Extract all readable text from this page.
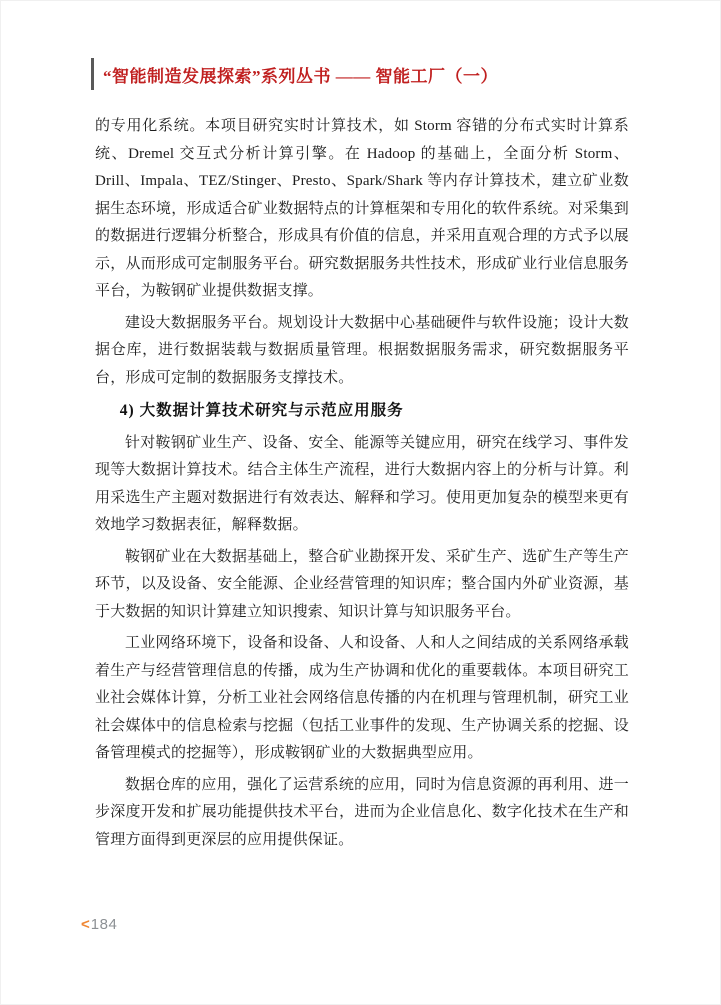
“智能制造发展探索”系列丛书 —— 智能工厂（一）

的专用化系统。本项目研究实时计算技术，如 Storm 容错的分布式实时计算系统、Dremel 交互式分析计算引擎。在 Hadoop 的基础上，全面分析 Storm、Drill、Impala、TEZ/Stinger、Presto、Spark/Shark 等内存计算技术，建立矿业数据生态环境，形成适合矿业数据特点的计算框架和专用化的软件系统。对采集到的数据进行逻辑分析整合，形成具有价值的信息，并采用直观合理的方式予以展示，从而形成可定制服务平台。研究数据服务共性技术，形成矿业行业信息服务平台，为鞍钢矿业提供数据支撑。

建设大数据服务平台。规划设计大数据中心基础硬件与软件设施；设计大数据仓库，进行数据装载与数据质量管理。根据数据服务需求，研究数据服务平台，形成可定制的数据服务支撑技术。

4) 大数据计算技术研究与示范应用服务

针对鞍钢矿业生产、设备、安全、能源等关键应用，研究在线学习、事件发现等大数据计算技术。结合主体生产流程，进行大数据内容上的分析与计算。利用采选生产主题对数据进行有效表达、解释和学习。使用更加复杂的模型来更有效地学习数据表征，解释数据。

鞍钢矿业在大数据基础上，整合矿业勘探开发、采矿生产、选矿生产等生产环节，以及设备、安全能源、企业经营管理的知识库；整合国内外矿业资源，基于大数据的知识计算建立知识搜索、知识计算与知识服务平台。

工业网络环境下，设备和设备、人和设备、人和人之间结成的关系网络承载着生产与经营管理信息的传播，成为生产协调和优化的重要载体。本项目研究工业社会媒体计算，分析工业社会网络信息传播的内在机理与管理机制，研究工业社会媒体中的信息检索与挖掘（包括工业事件的发现、生产协调关系的挖掘、设备管理模式的挖掘等），形成鞍钢矿业的大数据典型应用。

数据仓库的应用，强化了运营系统的应用，同时为信息资源的再利用、进一步深度开发和扩展功能提供技术平台，进而为企业信息化、数字化技术在生产和管理方面得到更深层的应用提供保证。

< 184
